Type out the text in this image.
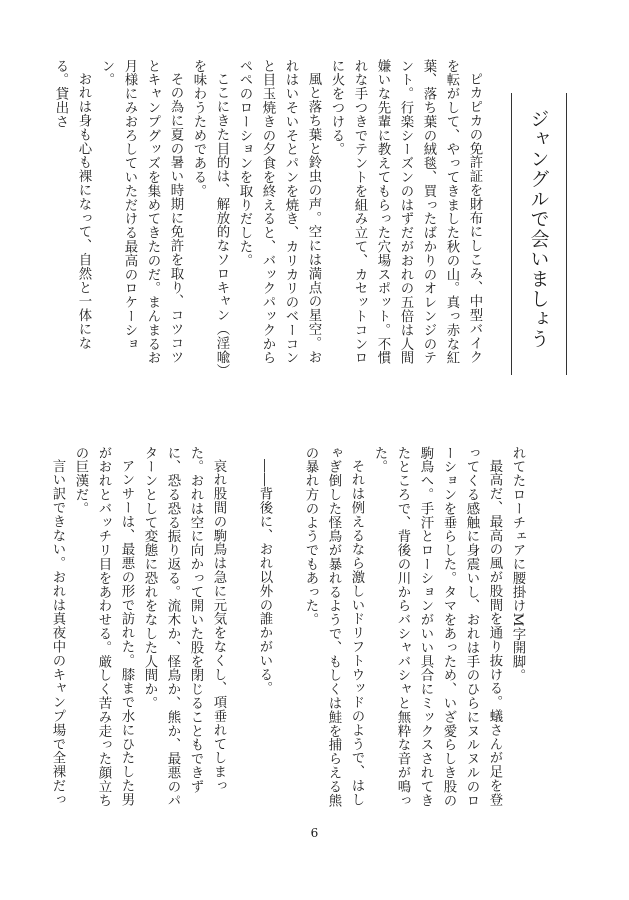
ジャングルで会いましょう

ピカピカの免許証を財布にしこみ、中型バイクを転がして、やってきました秋の山。真っ赤な紅葉、落ち葉の絨毯、買ったばかりのオレンジのテント。行楽シーズンのはずだがおれの五倍は人間嫌いな先輩に教えてもらった穴場スポット。不慣れな手つきでテントを組み立て、カセットコンロに火をつける。

風と落ち葉と鈴虫の声。空には満点の星空。おれはいそいそとパンを焼き、カリカリのベーコンと目玉焼きの夕食を終えると、バックパックからペペのローションを取りだした。

ここにきた目的は、解放的なソロキャン（淫喩）を味わうためである。

その為に夏の暑い時期に免許を取り、コツコツとキャンプグッズを集めてきたのだ。まんまるお月様にみおろしていただける最高のロケーション。

おれは身も心も裸になって、自然と一体になる。貸出さ

れてたローチェアに腰掛けM字開脚。

最高だ、最高の風が股間を通り抜ける。蟻さんが足を登ってくる感触に身震いし、おれは手のひらにヌルヌルのローションを垂らした。タマをあっため、いざ愛らしき股の駒鳥へ。手汗とローションがいい具合にミックスされてきたところで、背後の川からバシャバシャと無粋な音が鳴った。

それは例えるなら激しいドリフトウッドのようで、はしゃぎ倒した怪鳥が暴れるようで、もしくは鮭を捕らえる熊の暴れ方のようでもあった。

――背後に、おれ以外の誰かがいる。

哀れ股間の駒鳥は急に元気をなくし、項垂れてしまった。おれは空に向かって開いた股を閉じることもできずに、恐る恐る振り返る。流木か、怪鳥か、熊か、最悪のパターンとして変態に恐れをなした人間か。

アンサーは、最悪の形で訪れた。膝まで水にひたした男がおれとバッチリ目をあわせる。厳しく苦み走った顔立ちの巨漢だ。

言い訳できない。おれは真夜中のキャンプ場で全裸だっ

6
